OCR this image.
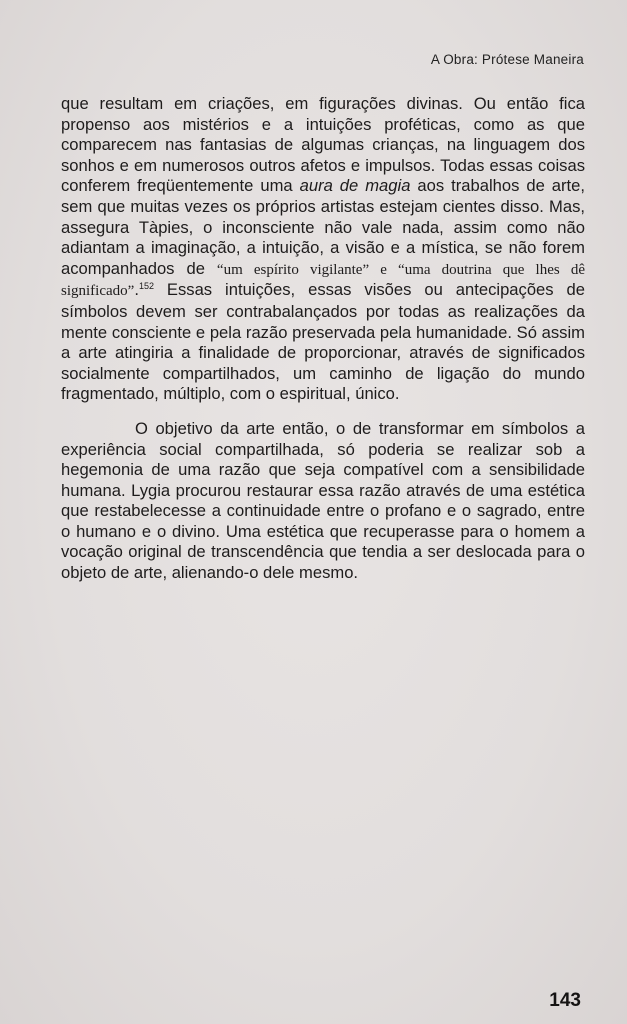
A Obra: Prótese Maneira

que resultam em criações, em figurações divinas. Ou então fica propenso aos mistérios e a intuições proféticas, como as que comparecem nas fantasias de algumas crianças, na linguagem dos sonhos e em numerosos outros afetos e impulsos. Todas essas coisas conferem freqüentemente uma aura de magia aos trabalhos de arte, sem que muitas vezes os próprios artistas estejam cientes disso. Mas, assegura Tàpies, o inconsciente não vale nada, assim como não adiantam a imaginação, a intuição, a visão e a mística, se não forem acompanhados de “um espírito vigilante” e “uma doutrina que lhes dê significado”.$^{152}$ Essas intuições, essas visões ou antecipações de símbolos devem ser contrabalançados por todas as realizações da mente consciente e pela razão preservada pela humanidade. Só assim a arte atingiria a finalidade de proporcionar, através de significados socialmente compartilhados, um caminho de ligação do mundo fragmentado, múltiplo, com o espiritual, único.

O objetivo da arte então, o de transformar em símbolos a experiência social compartilhada, só poderia se realizar sob a hegemonia de uma razão que seja compatível com a sensibilidade humana. Lygia procurou restaurar essa razão através de uma estética que restabelecesse a continuidade entre o profano e o sagrado, entre o humano e o divino. Uma estética que recuperasse para o homem a vocação original de transcendência que tendia a ser deslocada para o objeto de arte, alienando-o dele mesmo.

143
